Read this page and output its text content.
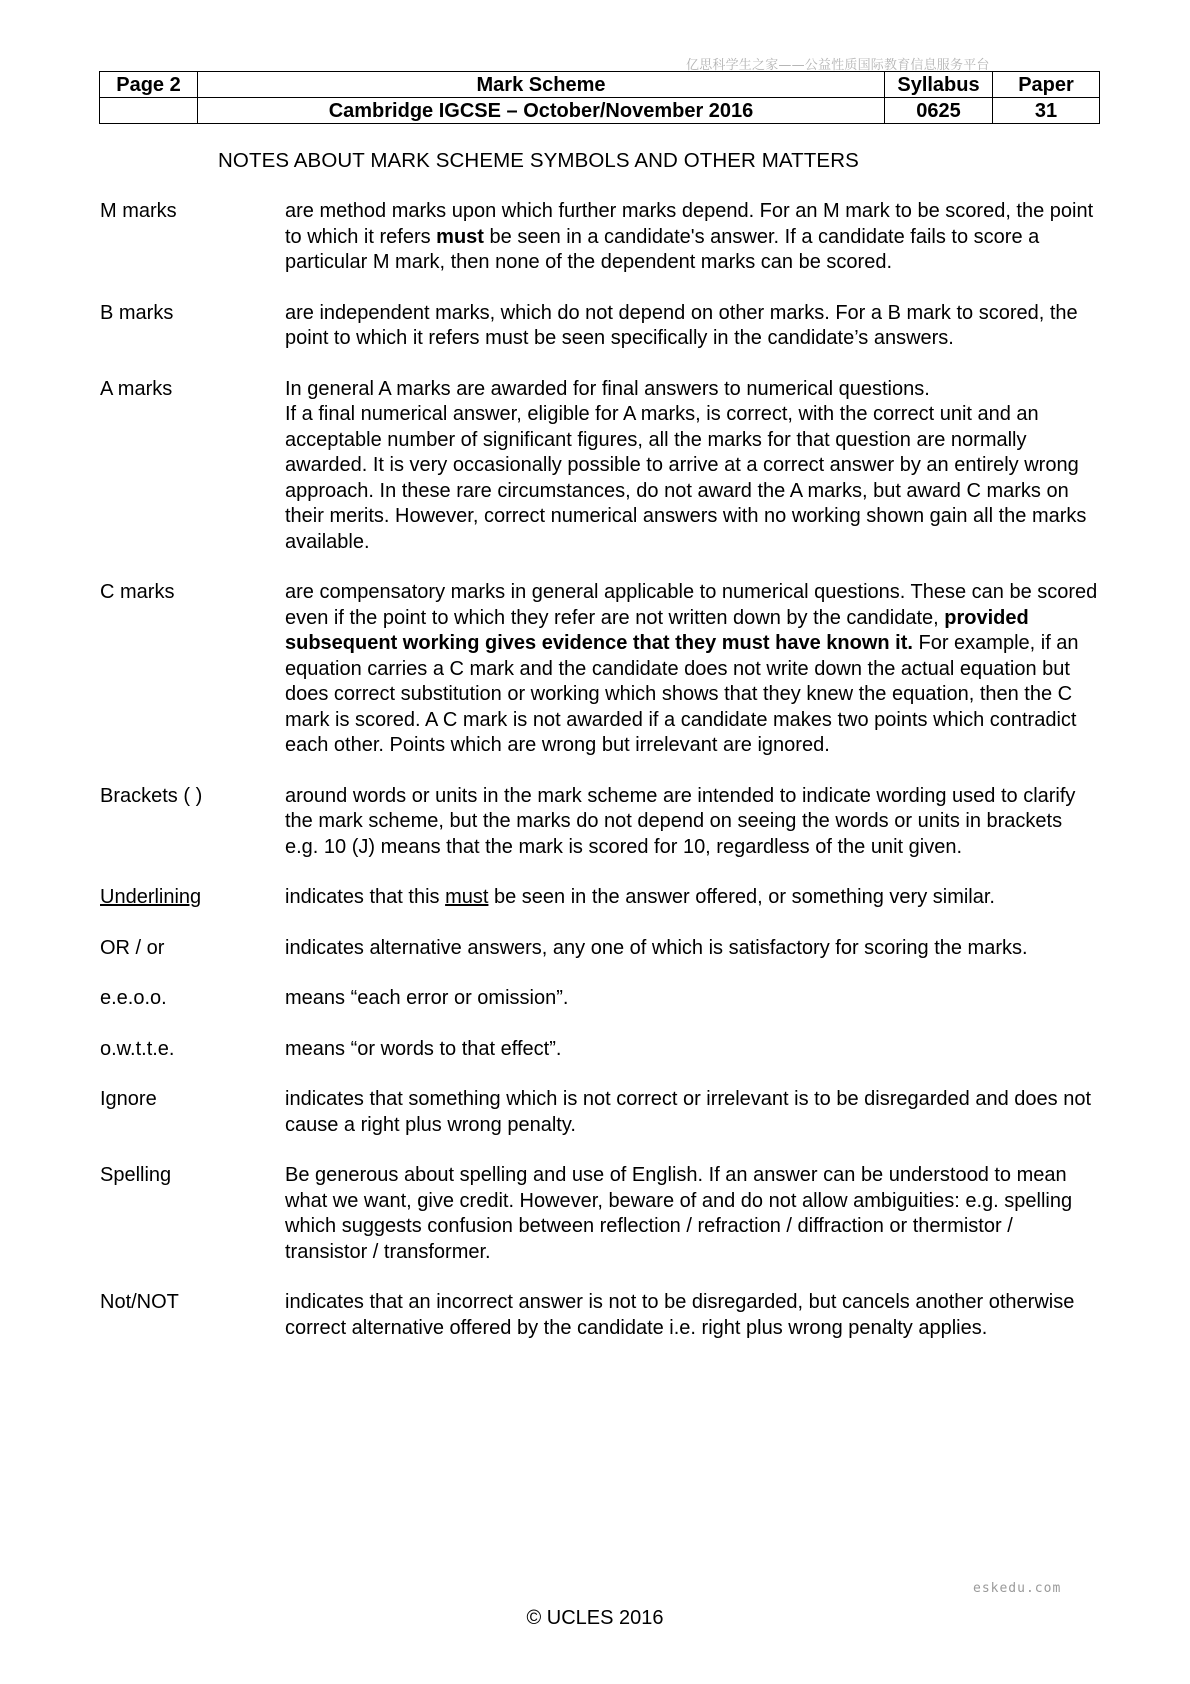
亿思科学生之家——公益性质国际教育信息服务平台
Page 2	Mark Scheme	Syllabus	Paper
	Cambridge IGCSE – October/November 2016	0625	31
NOTES ABOUT MARK SCHEME SYMBOLS AND OTHER MATTERS
M marks	are method marks upon which further marks depend. For an M mark to be scored, the point to which it refers must be seen in a candidate's answer. If a candidate fails to score a particular M mark, then none of the dependent marks can be scored.
B marks	are independent marks, which do not depend on other marks. For a B mark to scored, the point to which it refers must be seen specifically in the candidate’s answers.
A marks	In general A marks are awarded for final answers to numerical questions.

If a final numerical answer, eligible for A marks, is correct, with the correct unit and an acceptable number of significant figures, all the marks for that question are normally awarded. It is very occasionally possible to arrive at a correct answer by an entirely wrong approach. In these rare circumstances, do not award the A marks, but award C marks on their merits. However, correct numerical answers with no working shown gain all the marks available.

C marks	are compensatory marks in general applicable to numerical questions. These can be scored even if the point to which they refer are not written down by the candidate, provided subsequent working gives evidence that they must have known it. For example, if an equation carries a C mark and the candidate does not write down the actual equation but does correct substitution or working which shows that they knew the equation, then the C mark is scored. A C mark is not awarded if a candidate makes two points which contradict each other. Points which are wrong but irrelevant are ignored.
Brackets ( )	around words or units in the mark scheme are intended to indicate wording used to clarify the mark scheme, but the marks do not depend on seeing the words or units in brackets e.g. 10 (J) means that the mark is scored for 10, regardless of the unit given.
Underlining	indicates that this must be seen in the answer offered, or something very similar.
OR / or	indicates alternative answers, any one of which is satisfactory for scoring the marks.
e.e.o.o.	means “each error or omission”.
o.w.t.t.e.	means “or words to that effect”.
Ignore	indicates that something which is not correct or irrelevant is to be disregarded and does not cause a right plus wrong penalty.
Spelling	Be generous about spelling and use of English. If an answer can be understood to mean what we want, give credit. However, beware of and do not allow ambiguities: e.g. spelling which suggests confusion between reflection / refraction / diffraction or thermistor / transistor / transformer.
Not/NOT	indicates that an incorrect answer is not to be disregarded, but cancels another otherwise correct alternative offered by the candidate i.e. right plus wrong penalty applies.
eskedu.com
© UCLES 2016
